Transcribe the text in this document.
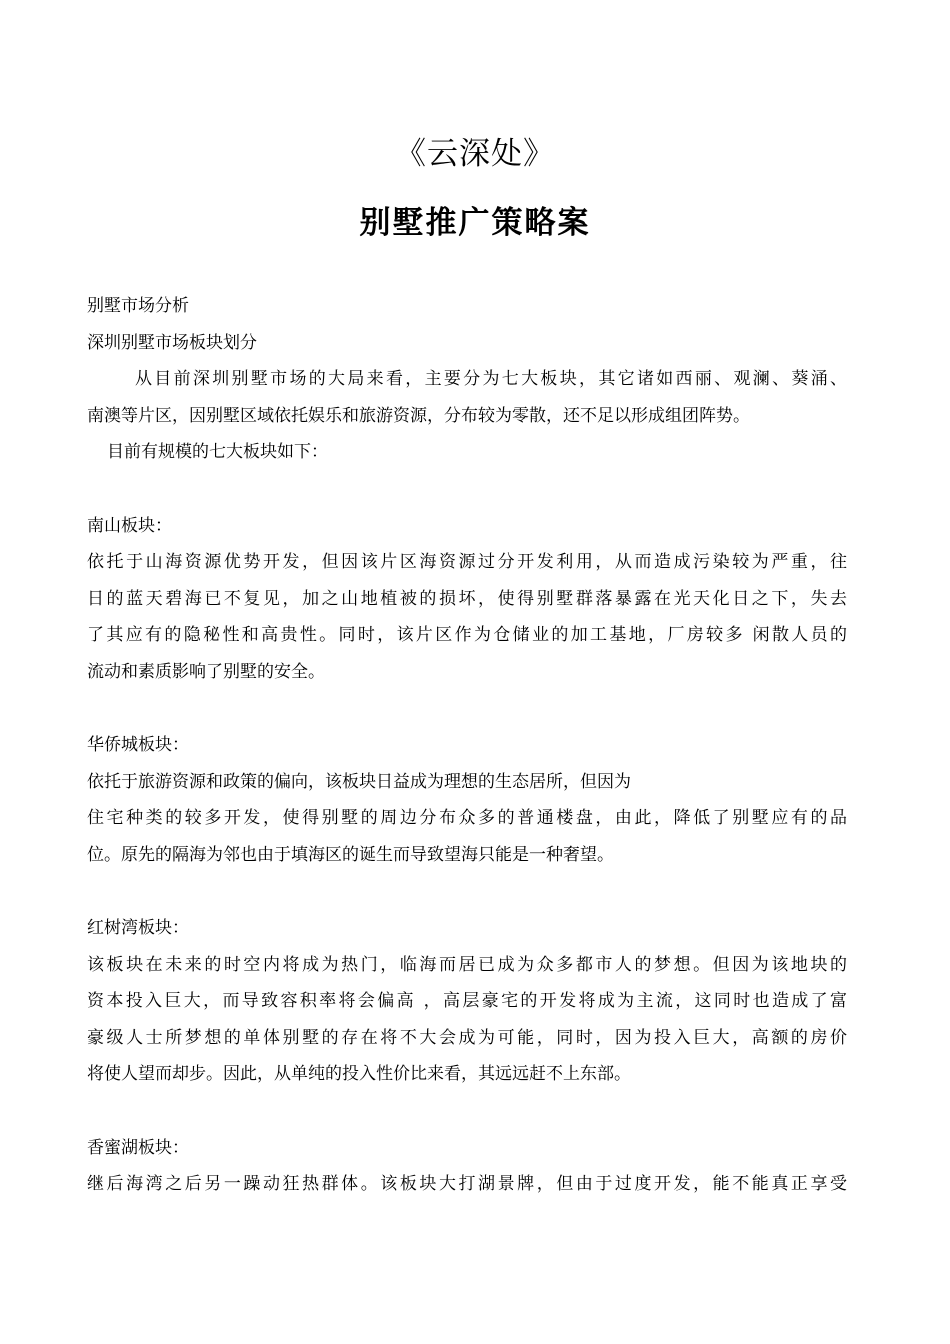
《云深处》
别墅推广策略案
别墅市场分析
深圳别墅市场板块划分
从目前深圳别墅市场的大局来看，主要分为七大板块，其它诸如西丽、观澜、葵涌、
南澳等片区，因别墅区域依托娱乐和旅游资源，分布较为零散，还不足以形成组团阵势。
目前有规模的七大板块如下：
南山板块：
依托于山海资源优势开发，但因该片区海资源过分开发利用，从而造成污染较为严重，往
日的蓝天碧海已不复见，加之山地植被的损坏，使得别墅群落暴露在光天化日之下，失去
了其应有的隐秘性和高贵性。同时，该片区作为仓储业的加工基地，厂房较多 闲散人员的
流动和素质影响了别墅的安全。
华侨城板块：
依托于旅游资源和政策的偏向，该板块日益成为理想的生态居所，但因为
住宅种类的较多开发，使得别墅的周边分布众多的普通楼盘，由此，降低了别墅应有的品
位。原先的隔海为邻也由于填海区的诞生而导致望海只能是一种奢望。
红树湾板块：
该板块在未来的时空内将成为热门，临海而居已成为众多都市人的梦想。但因为该地块的
资本投入巨大，而导致容积率将会偏高 ，高层豪宅的开发将成为主流，这同时也造成了富
豪级人士所梦想的单体别墅的存在将不大会成为可能，同时，因为投入巨大，高额的房价
将使人望而却步。因此，从单纯的投入性价比来看，其远远赶不上东部。
香蜜湖板块：
继后海湾之后另一躁动狂热群体。该板块大打湖景牌，但由于过度开发，能不能真正享受
